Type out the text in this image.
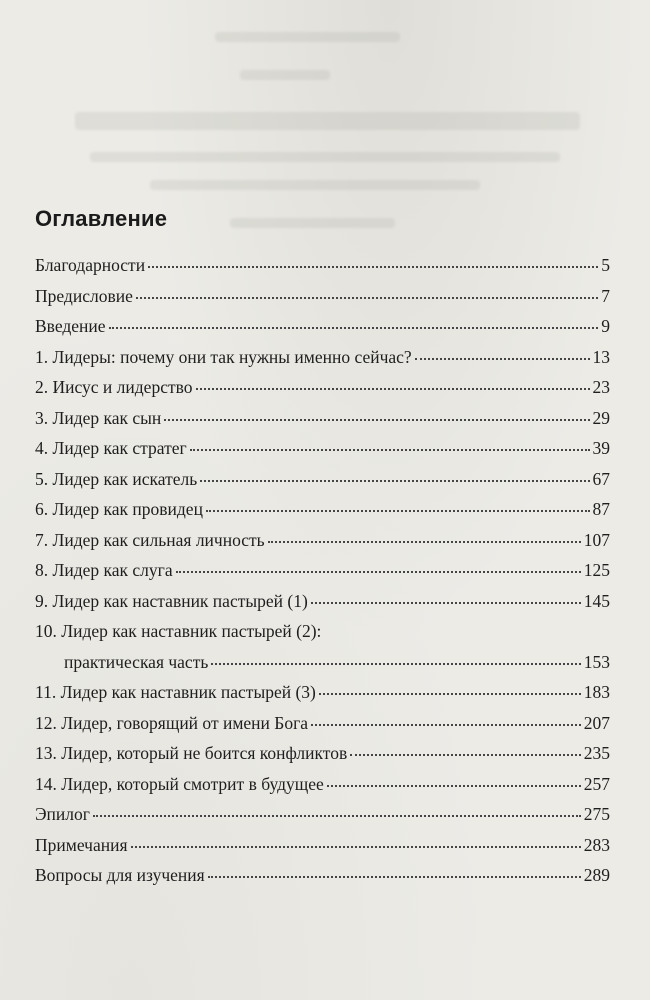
Оглавление
Благодарности	5
Предисловие	7
Введение	9
1. Лидеры: почему они так нужны именно сейчас?	13
2. Иисус и лидерство	23
3. Лидер как сын	29
4. Лидер как стратег	39
5. Лидер как искатель	67
6. Лидер как провидец	87
7. Лидер как сильная личность	107
8. Лидер как слуга	125
9. Лидер как наставник пастырей (1)	145
10. Лидер как наставник пастырей (2):
практическая часть	153
11. Лидер как наставник пастырей (3)	183
12. Лидер, говорящий от имени Бога	207
13. Лидер, который не боится конфликтов	235
14. Лидер, который смотрит в будущее	257
Эпилог	275
Примечания	283
Вопросы для изучения	289
